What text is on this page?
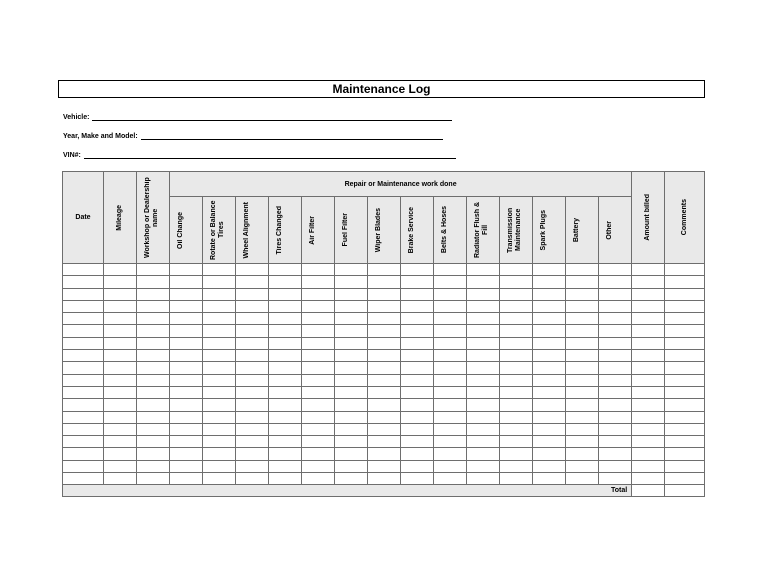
Maintenance Log
Vehicle:
Year, Make and Model:
VIN#:
Date	Mileage	Workshop or Dealership name	Repair or Maintenance work done														Amount billed	Comments

			Oil Change	Rotate or Balance Tires	Wheel Alignment	Tires Changed	Air Filter	Fuel Filter	Wiper Blades	Brake Service	Belts & Hoses	Radiator Flush & Fill	Transmission Maintenance	Spark Plugs	Battery	Other		

Total																		
